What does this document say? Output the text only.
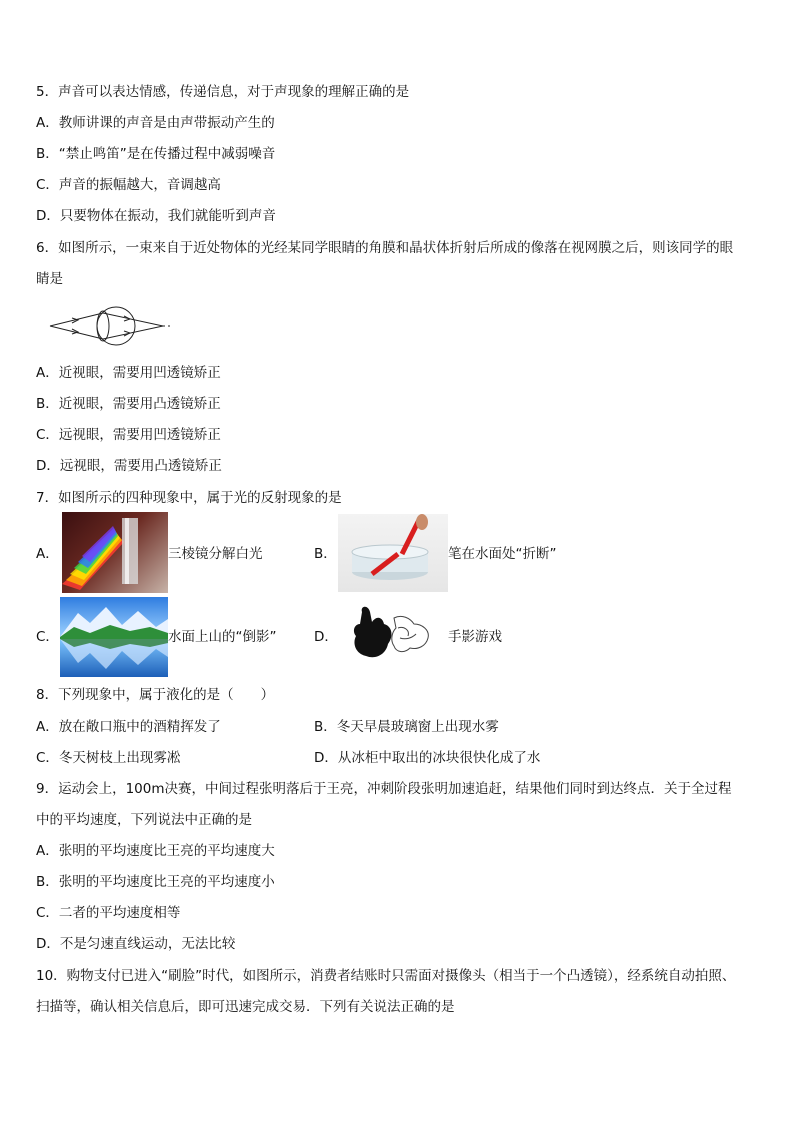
5．声音可以表达情感，传递信息，对于声现象的理解正确的是
A．教师讲课的声音是由声带振动产生的
B．“禁止鸣笛”是在传播过程中减弱噪音
C．声音的振幅越大，音调越高
D．只要物体在振动，我们就能听到声音
6．如图所示，一束来自于近处物体的光经某同学眼睛的角膜和晶状体折射后所成的像落在视网膜之后，则该同学的眼
睛是
A．近视眼，需要用凹透镜矫正
B．近视眼，需要用凸透镜矫正
C．远视眼，需要用凹透镜矫正
D．远视眼，需要用凸透镜矫正
7．如图所示的四种现象中，属于光的反射现象的是
A．	三棱镜分解白光	B．	笔在水面处“折断”
C．	水面上山的“倒影”	D．	手影游戏
8．下列现象中，属于液化的是（　　）
A．放在敞口瓶中的酒精挥发了	B．冬天早晨玻璃窗上出现水雾
C．冬天树枝上出现雾凇	D．从冰柜中取出的冰块很快化成了水
9．运动会上，100m决赛，中间过程张明落后于王亮，冲刺阶段张明加速追赶，结果他们同时到达终点．关于全过程
中的平均速度，下列说法中正确的是
A．张明的平均速度比王亮的平均速度大
B．张明的平均速度比王亮的平均速度小
C．二者的平均速度相等
D．不是匀速直线运动，无法比较
10．购物支付已进入“刷脸”时代，如图所示，消费者结账时只需面对摄像头（相当于一个凸透镜），经系统自动拍照、
扫描等，确认相关信息后，即可迅速完成交易．下列有关说法正确的是
